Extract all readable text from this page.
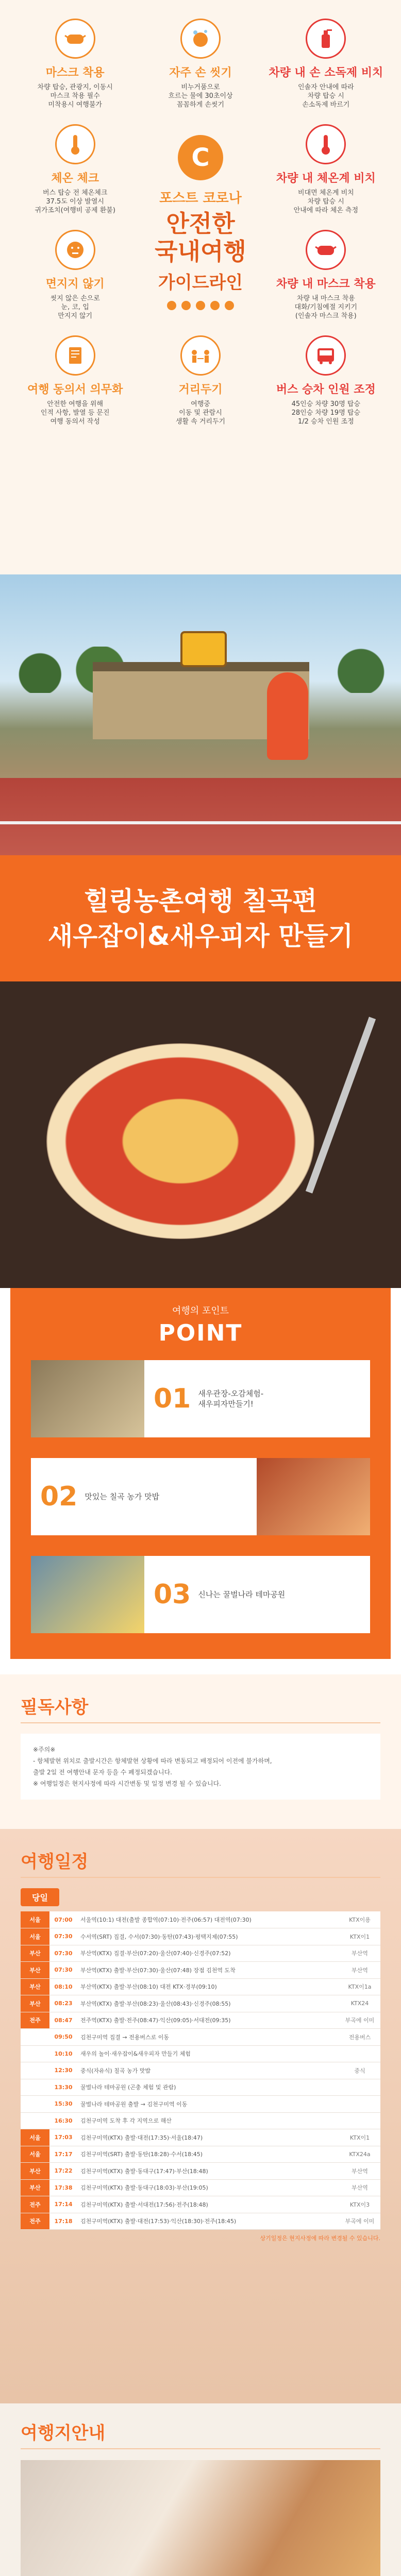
마스크 착용
차량 탑승, 관광지, 이동시
마스크 착용 필수
미착용시 여행불가
자주 손 씻기
비누거품으로
흐르는 물에 30초이상
꼼꼼하게 손씻기
차량 내 손 소독제 비치
인솔자 안내에 따라
차량 탑승 시
손소독제 바르기
체온 체크
버스 탑승 전 체온체크
37.5도 이상 발열시
귀가조치(여행비 공제 환불)
C
포스트 코로나
안전한
국내여행
가이드라인
차량 내 체온계 비치
비대면 체온계 비치
차량 탑승 시
안내에 따라 체온 측정
면지지 않기
씻지 않은 손으로
눈, 코, 입
만지지 않기
차량 내 마스크 착용
차량 내 마스크 착용
대화/기침예절 지키기
(인솔자 마스크 착용)
여행 동의서 의무화
안전한 여행을 위해
인적 사항, 발열 등 문진
여행 동의서 작성
거리두기
여행중
이동 및 관람시
생활 속 거리두기
버스 승차 인원 조정
45인승 차량 30명 탑승
28인승 차량 19명 탑승
1/2 승차 인원 조정
힐링농촌여행 칠곡편
새우잡이&새우피자 만들기
여행의 포인트
POINT
01 새우관장-오감체험-
새우피자만들기!
02 맛있는 칠곡 농가 맛밥
03 신나는 꿀벌나라 테마공원
필독사항
※주의※
- 항체발현 위치로 출발시간은 항체발현 상황에 따라 변동되고 배정되어 이전에 불가하며,
출발 2일 전 여행안내 문자 등을 수 폐정되겠습니다.
※ 여행일정은 현지사정에 따라 시간변동 및 일정 변경 될 수 있습니다.
여행일정
당일
서울	07:00	서울역(10:1) 대전(출발 종합역(07:10)·전주(06:57) 대전역(07:30)	KTX이용
서울	07:30	수서역(SRT) 집결, 수서(07:30)·동탄(07:43)·평택지제(07:55)	KTX이1
부산	07:30	부산역(KTX) 집결·부산(07:20)·울산(07:40)·신경주(07:52)	부산역
부산	07:30	부산역(KTX) 출발·부산(07:30)·울산(07:48) 장점 김천역 도착	부산역
부산	08:10	부산역(KTX) 출발·부산(08:10) 대전 KTX·경부(09:10)	KTX이1a
부산	08:23	부산역(KTX) 출발·부산(08:23)·울산(08:43)·신경주(08:55)	KTX24
전주	08:47	전주역(KTX) 출발·전주(08:47)·익산(09:05)·서대전(09:35)	부곡에 이미
	09:50	김천구미역 집결 → 전용버스로 이동	전용버스
	10:10	새우의 놀이·새우잡이&새우피자 만들기 체험	
	12:30	중식(자유식) 칠곡 농가 맛밥	중식
	13:30	꿀벌나라 테마공원 (곤충 체험 및 관람)	
	15:30	꿀벌나라 테마공원 출발 → 김천구미역 이동	
	16:30	김천구미역 도착 후 각 지역으로 해산	
서울	17:03	김천구미역(KTX) 출발·대전(17:35)·서울(18:47)	KTX이1
서울	17:17	김천구미역(SRT) 출발·동탄(18:28)·수서(18:45)	KTX24a
부산	17:22	김천구미역(KTX) 출발·동대구(17:47)·부산(18:48)	부산역
부산	17:38	김천구미역(KTX) 출발·동대구(18:03)·부산(19:05)	부산역
전주	17:14	김천구미역(KTX) 출발·서대전(17:56)·전주(18:48)	KTX이3
전주	17:18	김천구미역(KTX) 출발·대전(17:53)·익산(18:30)·전주(18:45)	부곡에 이미
상기일정은 현지사정에 따라 변경될 수 있습니다.
여행지안내
